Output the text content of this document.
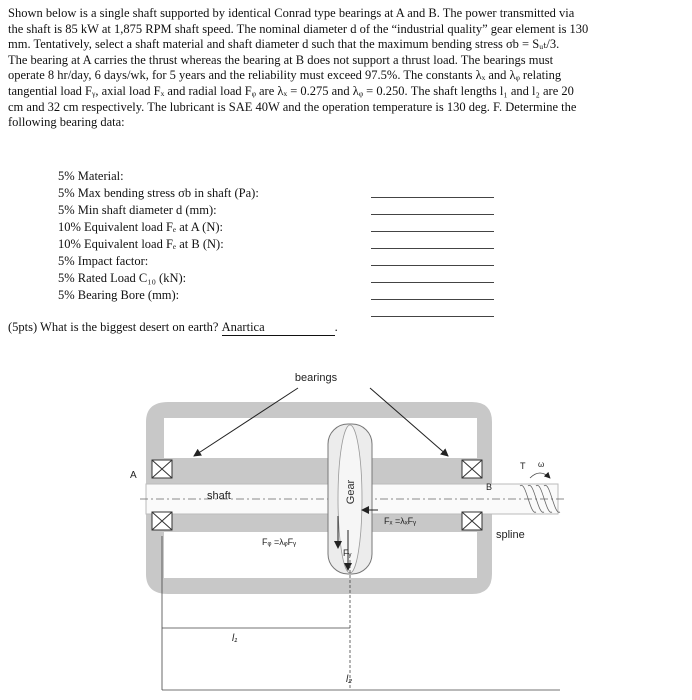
Shown below is a single shaft supported by identical Conrad type bearings at A and B. The power transmitted via
the shaft is 85 kW at 1,875 RPM shaft speed. The nominal diameter d of the “industrial quality” gear element is 130
mm. Tentatively, select a shaft material and shaft diameter d such that the maximum bending stress σb = Sᵤₜ/3.
The bearing at A carries the thrust whereas the bearing at B does not support a thrust load. The bearings must
operate 8 hr/day, 6 days/wk, for 5 years and the reliability must exceed 97.5%. The constants λₓ and λᵩ relating
tangential load Fᵧ, axial load Fₓ and radial load Fᵩ are λₓ = 0.275 and λᵩ = 0.250. The shaft lengths l₁ and l₂ are 20
cm and 32 cm respectively. The lubricant is SAE 40W and the operation temperature is 130 deg. F. Determine the
following bearing data:
5% Material:
5% Max bending stress σb in shaft (Pa):
5% Min shaft diameter d (mm):
10% Equivalent load Fₑ at A (N):
10% Equivalent load Fₑ at B (N):
5% Impact factor:
5% Rated Load C₁₀ (kN):
5% Bearing Bore (mm):
(5pts) What is the biggest desert on earth? Anartica	.
Gear
bearings
A
B
shaft
spline
T ω
Fᵩ =λᵩFᵧ
Fₓ =λₓFᵧ
Fᵧ
l₁
l₂
